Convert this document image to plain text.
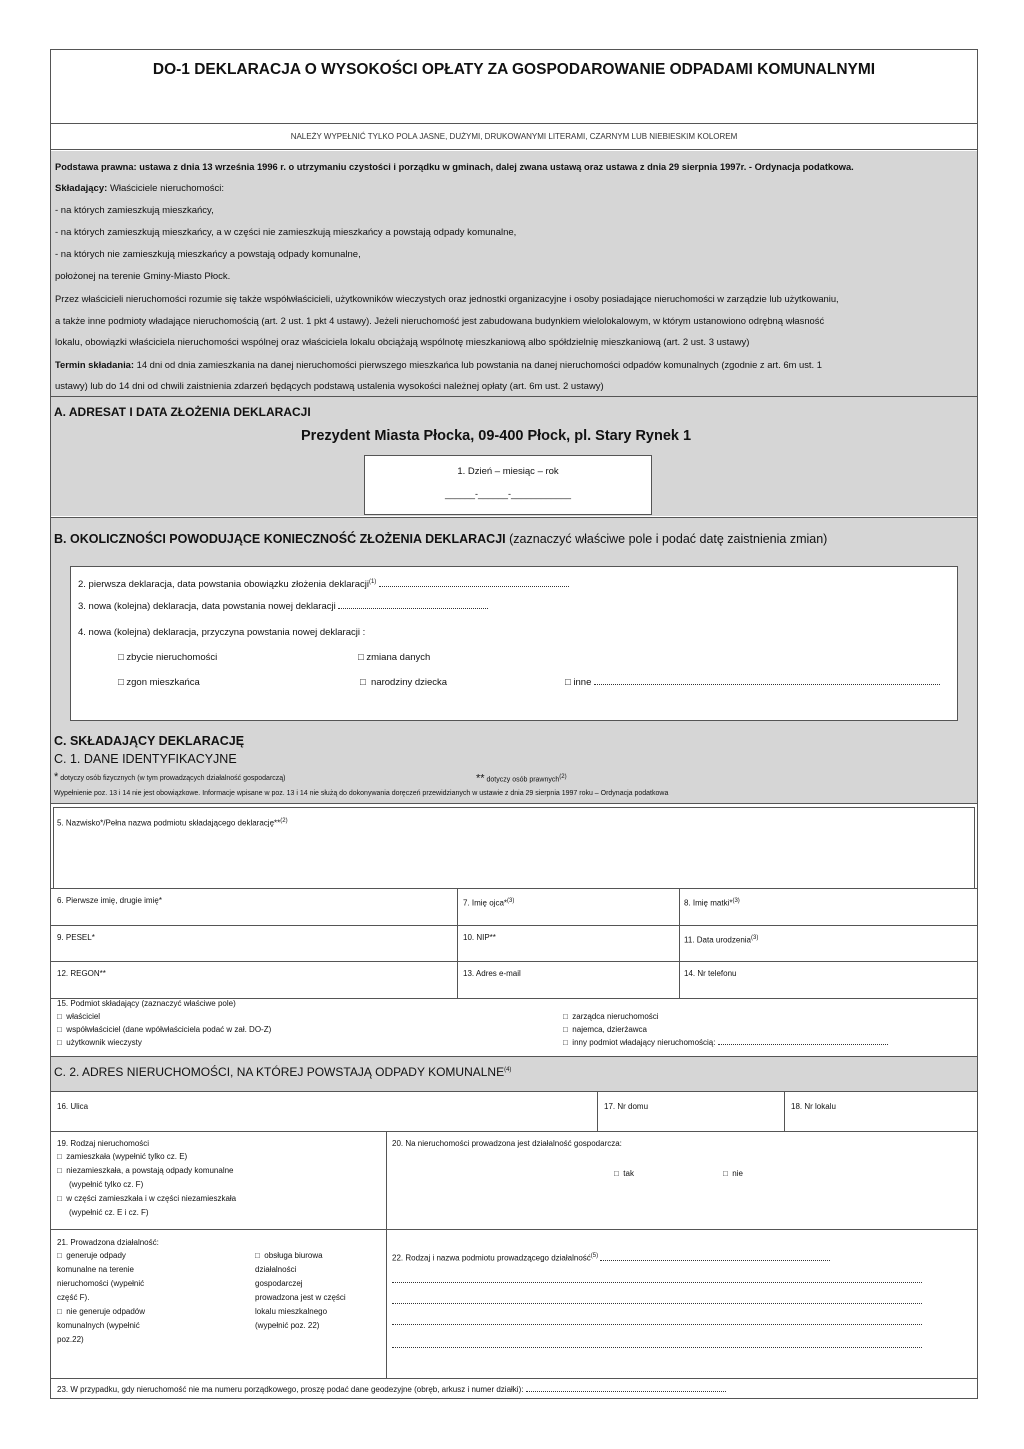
DO-1 DEKLARACJA O WYSOKOŚCI OPŁATY ZA GOSPODAROWANIE ODPADAMI KOMUNALNYMI
NALEŻY WYPEŁNIĆ TYLKO POLA JASNE, DUŻYMI, DRUKOWANYMI LITERAMI, CZARNYM LUB NIEBIESKIM KOLOREM
Podstawa prawna: ustawa z dnia 13 września 1996 r. o utrzymaniu czystości i porządku w gminach, dalej zwana ustawą oraz ustawa z dnia 29 sierpnia 1997r. - Ordynacja podatkowa.
Składający: Właściciele nieruchomości:
- na których zamieszkują mieszkańcy,
- na których zamieszkują mieszkańcy, a w części nie zamieszkują mieszkańcy a powstają odpady komunalne,
- na których nie zamieszkują mieszkańcy a powstają odpady komunalne,
położonej na terenie Gminy-Miasto Płock.
Przez właścicieli nieruchomości rozumie się także współwłaścicieli, użytkowników wieczystych oraz jednostki organizacyjne i osoby posiadające nieruchomości w zarządzie lub użytkowaniu,
a także inne podmioty władające nieruchomością (art. 2 ust. 1 pkt 4 ustawy). Jeżeli nieruchomość jest zabudowana budynkiem wielolokalowym, w którym ustanowiono odrębną własność
lokalu, obowiązki właściciela nieruchomości wspólnej oraz właściciela lokalu obciążają wspólnotę mieszkaniową albo spółdzielnię mieszkaniową (art. 2 ust. 3 ustawy)
Termin składania: 14 dni od dnia zamieszkania na danej nieruchomości pierwszego mieszkańca lub powstania na danej nieruchomości odpadów komunalnych (zgodnie z art. 6m ust. 1
ustawy) lub do 14 dni od chwili zaistnienia zdarzeń będących podstawą ustalenia wysokości należnej opłaty (art. 6m ust. 2 ustawy)
A. ADRESAT I DATA ZŁOŻENIA DEKLARACJI
Prezydent Miasta Płocka, 09-400 Płock, pl. Stary Rynek 1
1. Dzień – miesiąc – rok
______-______-____________
B. OKOLICZNOŚCI POWODUJĄCE KONIECZNOŚĆ ZŁOŻENIA DEKLARACJI (zaznaczyć właściwe pole i podać datę zaistnienia zmian)
2. pierwsza deklaracja, data powstania obowiązku złożenia deklaracji$^{(1)}$
3. nowa (kolejna) deklaracja, data powstania nowej deklaracji
4. nowa (kolejna) deklaracja, przyczyna powstania nowej deklaracji :
□ zbycie nieruchomości □	zmiana danych
□ zgon mieszkańca □	narodziny dziecka □	inne
C. SKŁADAJĄCY DEKLARACJĘ
C. 1. DANE IDENTYFIKACYJNE
* dotyczy osób fizycznych (w tym prowadzących działalność gospodarczą)	** dotyczy osób prawnych$^{(2)}$
Wypełnienie poz. 13 i 14 nie jest obowiązkowe. Informacje wpisane w poz. 13 i 14 nie służą do dokonywania doręczeń przewidzianych w ustawie z dnia 29 sierpnia 1997 roku – Ordynacja podatkowa
5. Nazwisko*/Pełna nazwa podmiotu składającego deklarację**$^{(2)}$
6. Pierwsze imię, drugie imię*	7. Imię ojca*$^{(3)}$	8. Imię matki*$^{(3)}$
9. PESEL*	10. NIP**	11. Data urodzenia$^{(3)}$
12. REGON**	13. Adres e-mail	14. Nr telefonu
15. Podmiot składający (zaznaczyć właściwe pole)
□   właściciel
□   współwłaściciel (dane wpółwłaściciela podać w zał. DO-Z)
□   użytkownik wieczysty
□   zarządca nieruchomości
□   najemca, dzierżawca
□   inny podmiot władający nieruchomością:
C. 2. ADRES NIERUCHOMOŚCI, NA KTÓREJ POWSTAJĄ ODPADY KOMUNALNE$^{(4)}$
16. Ulica	17. Nr domu	18. Nr lokalu
19. Rodzaj nieruchomości
□   zamieszkała (wypełnić tylko cz. E)
□   niezamieszkała, a powstają odpady komunalne
(wypełnić tylko cz. F)
□   w części zamieszkała i w części niezamieszkała
(wypełnić cz. E i cz. F)
20. Na nieruchomości prowadzona jest działalność gospodarcza:
□   tak □	nie
21. Prowadzona działalność:
□   generuje odpady
komunalne na terenie
nieruchomości (wypełnić
część F).
□   nie generuje odpadów
komunalnych (wypełnić
poz.22)
□   obsługa biurowa
działalności
gospodarczej
prowadzona jest w części
lokalu mieszkalnego
(wypełnić poz. 22)
22. Rodzaj i nazwa podmiotu prowadzącego działalność$^{(5)}$
23. W przypadku, gdy nieruchomość nie ma numeru porządkowego, proszę podać dane geodezyjne (obręb, arkusz i numer działki):
